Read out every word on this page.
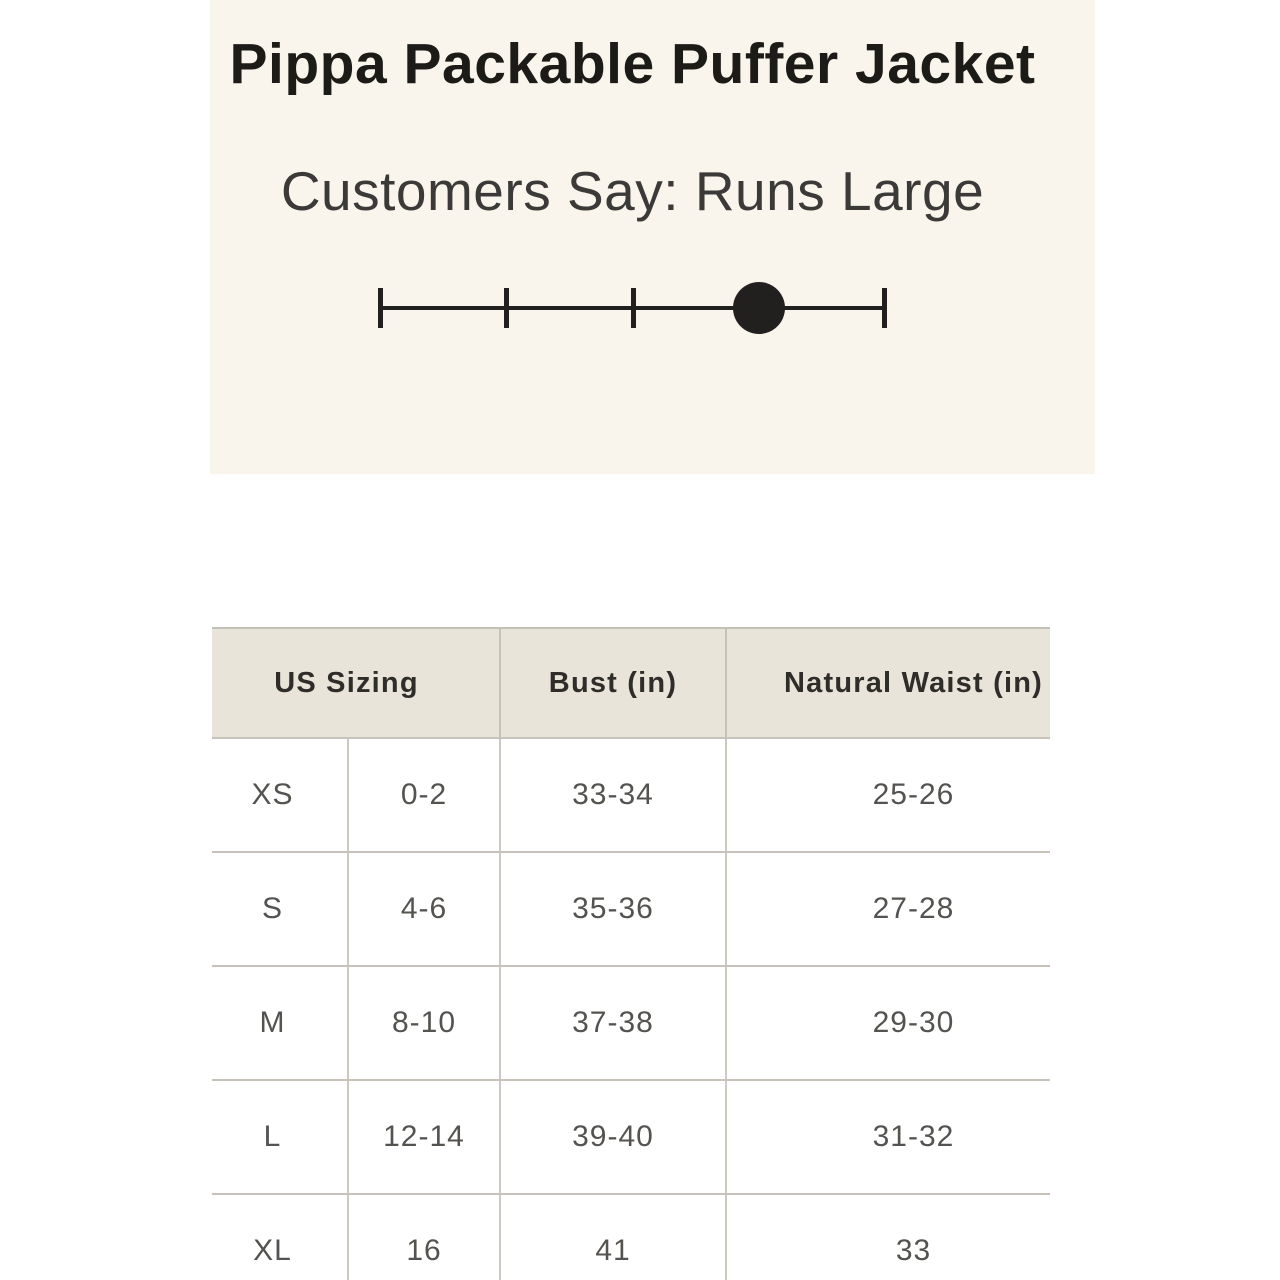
Pippa Packable Puffer Jacket
Customers Say: Runs Large
US Sizing	Bust (in)	Natural Waist (in)
XS	0-2	33-34	25-26
S	4-6	35-36	27-28
M	8-10	37-38	29-30
L	12-14	39-40	31-32
XL	16	41	33
